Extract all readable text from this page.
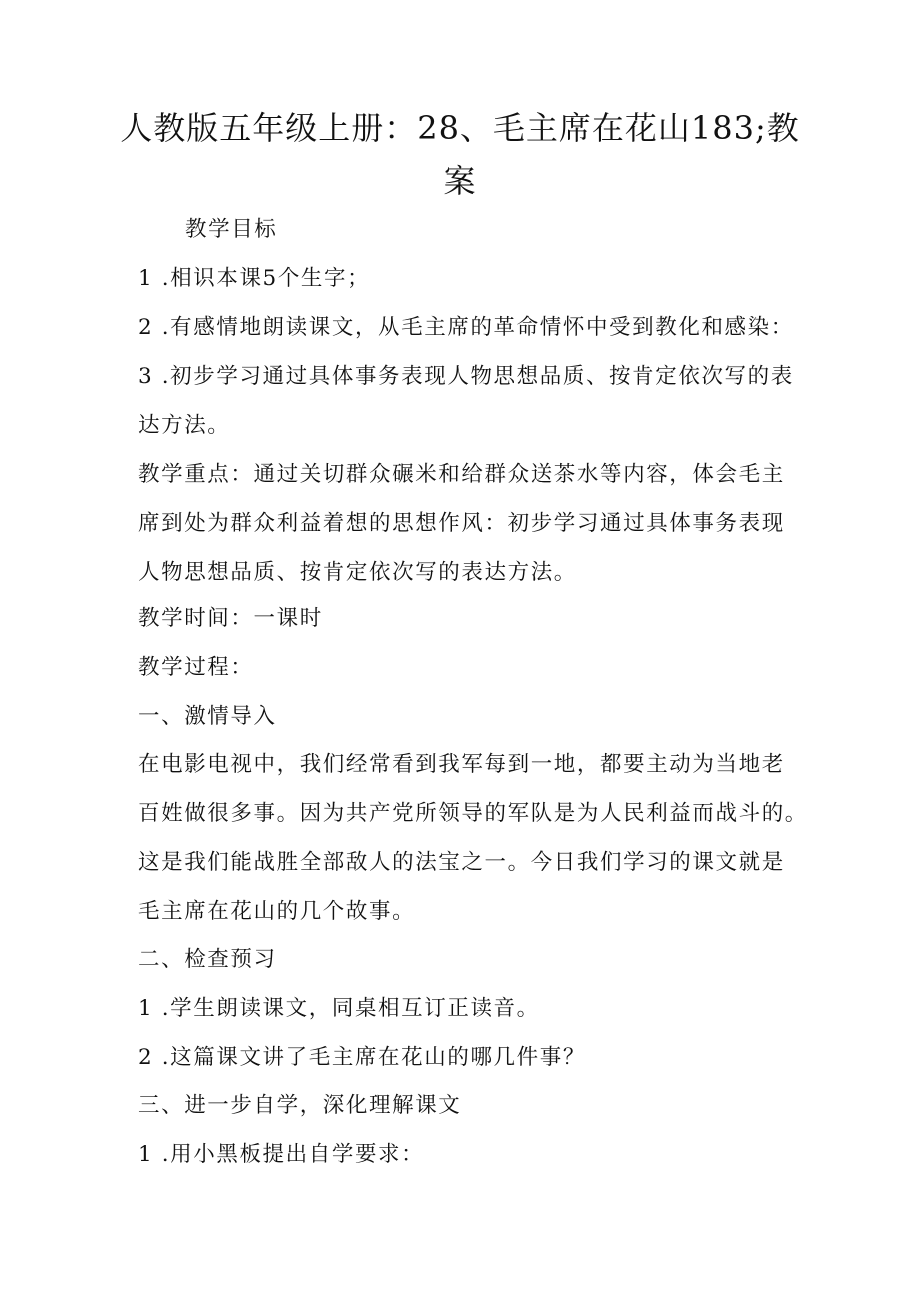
人教版五年级上册：28、毛主席在花山183;教
案
教学目标
1 .相识本课5个生字；
2 .有感情地朗读课文，从毛主席的革命情怀中受到教化和感染：
3 .初步学习通过具体事务表现人物思想品质、按肯定依次写的表
达方法。
教学重点：通过关切群众碾米和给群众送茶水等内容，体会毛主
席到处为群众利益着想的思想作风：初步学习通过具体事务表现
人物思想品质、按肯定依次写的表达方法。
教学时间：一课时
教学过程：
一、激情导入
在电影电视中，我们经常看到我军每到一地，都要主动为当地老
百姓做很多事。因为共产党所领导的军队是为人民利益而战斗的。
这是我们能战胜全部敌人的法宝之一。今日我们学习的课文就是
毛主席在花山的几个故事。
二、检查预习
1 .学生朗读课文，同桌相互订正读音。
2 .这篇课文讲了毛主席在花山的哪几件事？
三、进一步自学，深化理解课文
1 .用小黑板提出自学要求：
